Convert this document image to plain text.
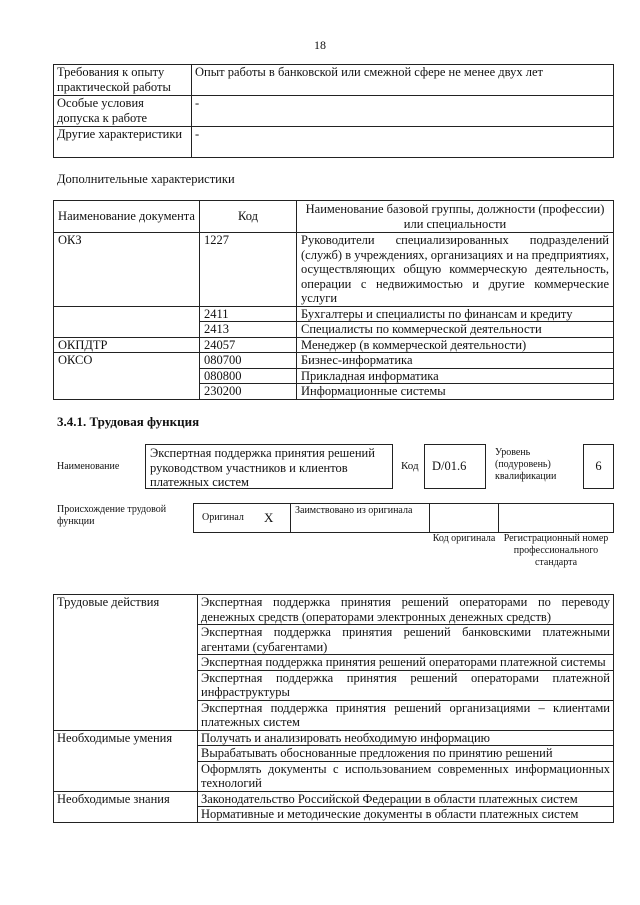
18
Требования к опыту практической работы	Опыт работы в банковской или смежной сфере не менее двух лет
Особые условия допуска к работе	-
Другие характеристики	-
Дополнительные характеристики
Наименование документа	Код	Наименование базовой группы, должности (профессии) или специальности
ОКЗ	1227	Руководители специализированных подразделений (служб) в учреждениях, организациях и на предприятиях, осуществляющих общую коммерческую деятельность, операции с недвижимостью и другие коммерческие услуги
	2411	Бухгалтеры и специалисты по финансам и кредиту
	2413	Специалисты по коммерческой деятельности
ОКПДТР	24057	Менеджер (в коммерческой деятельности)
ОКСО	080700	Бизнес-информатика
	080800	Прикладная информатика
	230200	Информационные системы
3.4.1. Трудовая функция
Наименование
Экспертная поддержка принятия решений руководством участников и клиентов платежных систем
Код	D/01.6
Уровень (подуровень) квалификации
6
Происхождение трудовой функции	Оригинал X Заимствовано из оригинала
Код оригинала Регистрационный номер профессионального стандарта
Трудовые действия	Экспертная поддержка принятия решений операторами по переводу денежных средств (операторами электронных денежных средств)
	Экспертная поддержка принятия решений банковскими платежными агентами (субагентами)
	Экспертная поддержка принятия решений операторами платежной системы
	Экспертная поддержка принятия решений операторами платежной инфраструктуры
	Экспертная поддержка принятия решений организациями – клиентами платежных систем
Необходимые умения	Получать и анализировать необходимую информацию
	Вырабатывать обоснованные предложения по принятию решений
	Оформлять документы с использованием современных информационных технологий
Необходимые знания	Законодательство Российской Федерации в области платежных систем
	Нормативные и методические документы в области платежных систем
